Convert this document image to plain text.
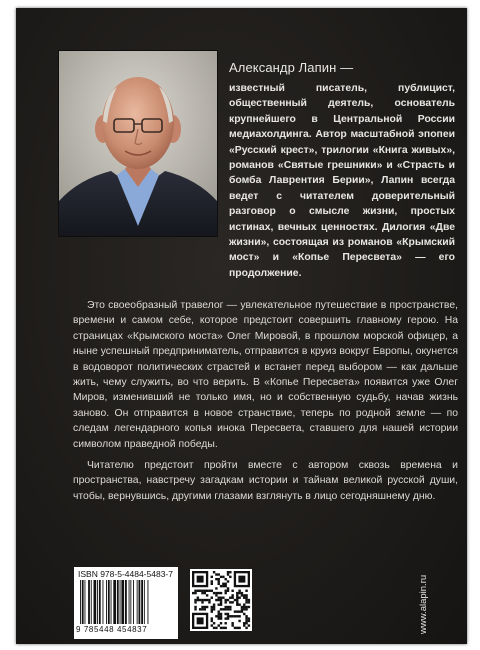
Александр Лапин —
известный писатель, публицист, общественный деятель, основатель крупнейшего в Центральной России медиахолдинга. Автор масштабной эпопеи «Русский крест», трилогии «Книга живых», романов «Святые грешники» и «Страсть и бомба Лаврентия Берии», Лапин всегда ведет с читателем доверительный разговор о смысле жизни, простых истинах, вечных ценностях. Дилогия «Две жизни», состоящая из романов «Крымский мост» и «Копье Пересвета» — его продолжение.

Это своеобразный травелог — увлекательное путешествие в пространстве, времени и самом себе, которое предстоит совершить главному герою. На страницах «Крымского моста» Олег Мировой, в прошлом морской офицер, а ныне успешный предприниматель, отправится в круиз вокруг Европы, окунется в водоворот политических страстей и встанет перед выбором — как дальше жить, чему служить, во что верить. В «Копье Пересвета» появится уже Олег Миров, изменивший не только имя, но и собственную судьбу, начав жизнь заново. Он отправится в новое странствие, теперь по родной земле — по следам легендарного копья инока Пересвета, ставшего для нашей истории символом праведной победы.

Читателю предстоит пройти вместе с автором сквозь времена и пространства, навстречу загадкам истории и тайнам великой русской души, чтобы, вернувшись, другими глазами взглянуть в лицо сегодняшнему дню.

ISBN 978-5-4484-5483-7
9 785448 454837	www.alapin.ru
